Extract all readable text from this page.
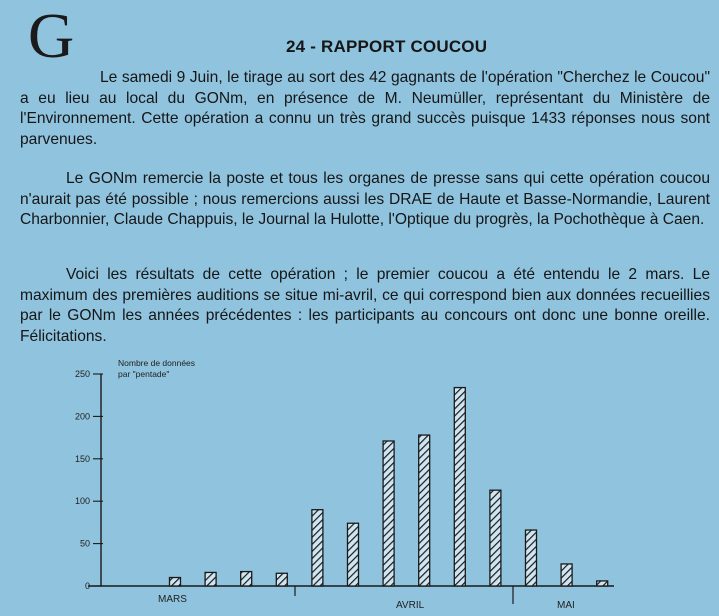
G	24 - RAPPORT COUCOU

Le samedi 9 Juin, le tirage au sort des 42 gagnants de l'opération "Cherchez le Coucou" a eu lieu au local du GONm, en présence de M. Neumüller, représentant du Ministère de l'Environnement. Cette opération a connu un très grand succès puisque 1433 réponses nous sont parvenues.

Le GONm remercie la poste et tous les organes de presse sans qui cette opération coucou n'aurait pas été possible ; nous remercions aussi les DRAE de Haute et Basse-Normandie, Laurent Charbonnier, Claude Chappuis, le Journal la Hulotte, l'Optique du progrès, la Pochothèque à Caen.

Voici les résultats de cette opération ; le premier coucou a été entendu le 2 mars. Le maximum des premières auditions se situe mi-avril, ce qui correspond bien aux données recueillies par le GONm les années précédentes : les participants au concours ont donc une bonne oreille. Félicitations.

Nombre de données
par "pentade"
MARS
AVRIL	MAI
0
50
100
150
200
250
